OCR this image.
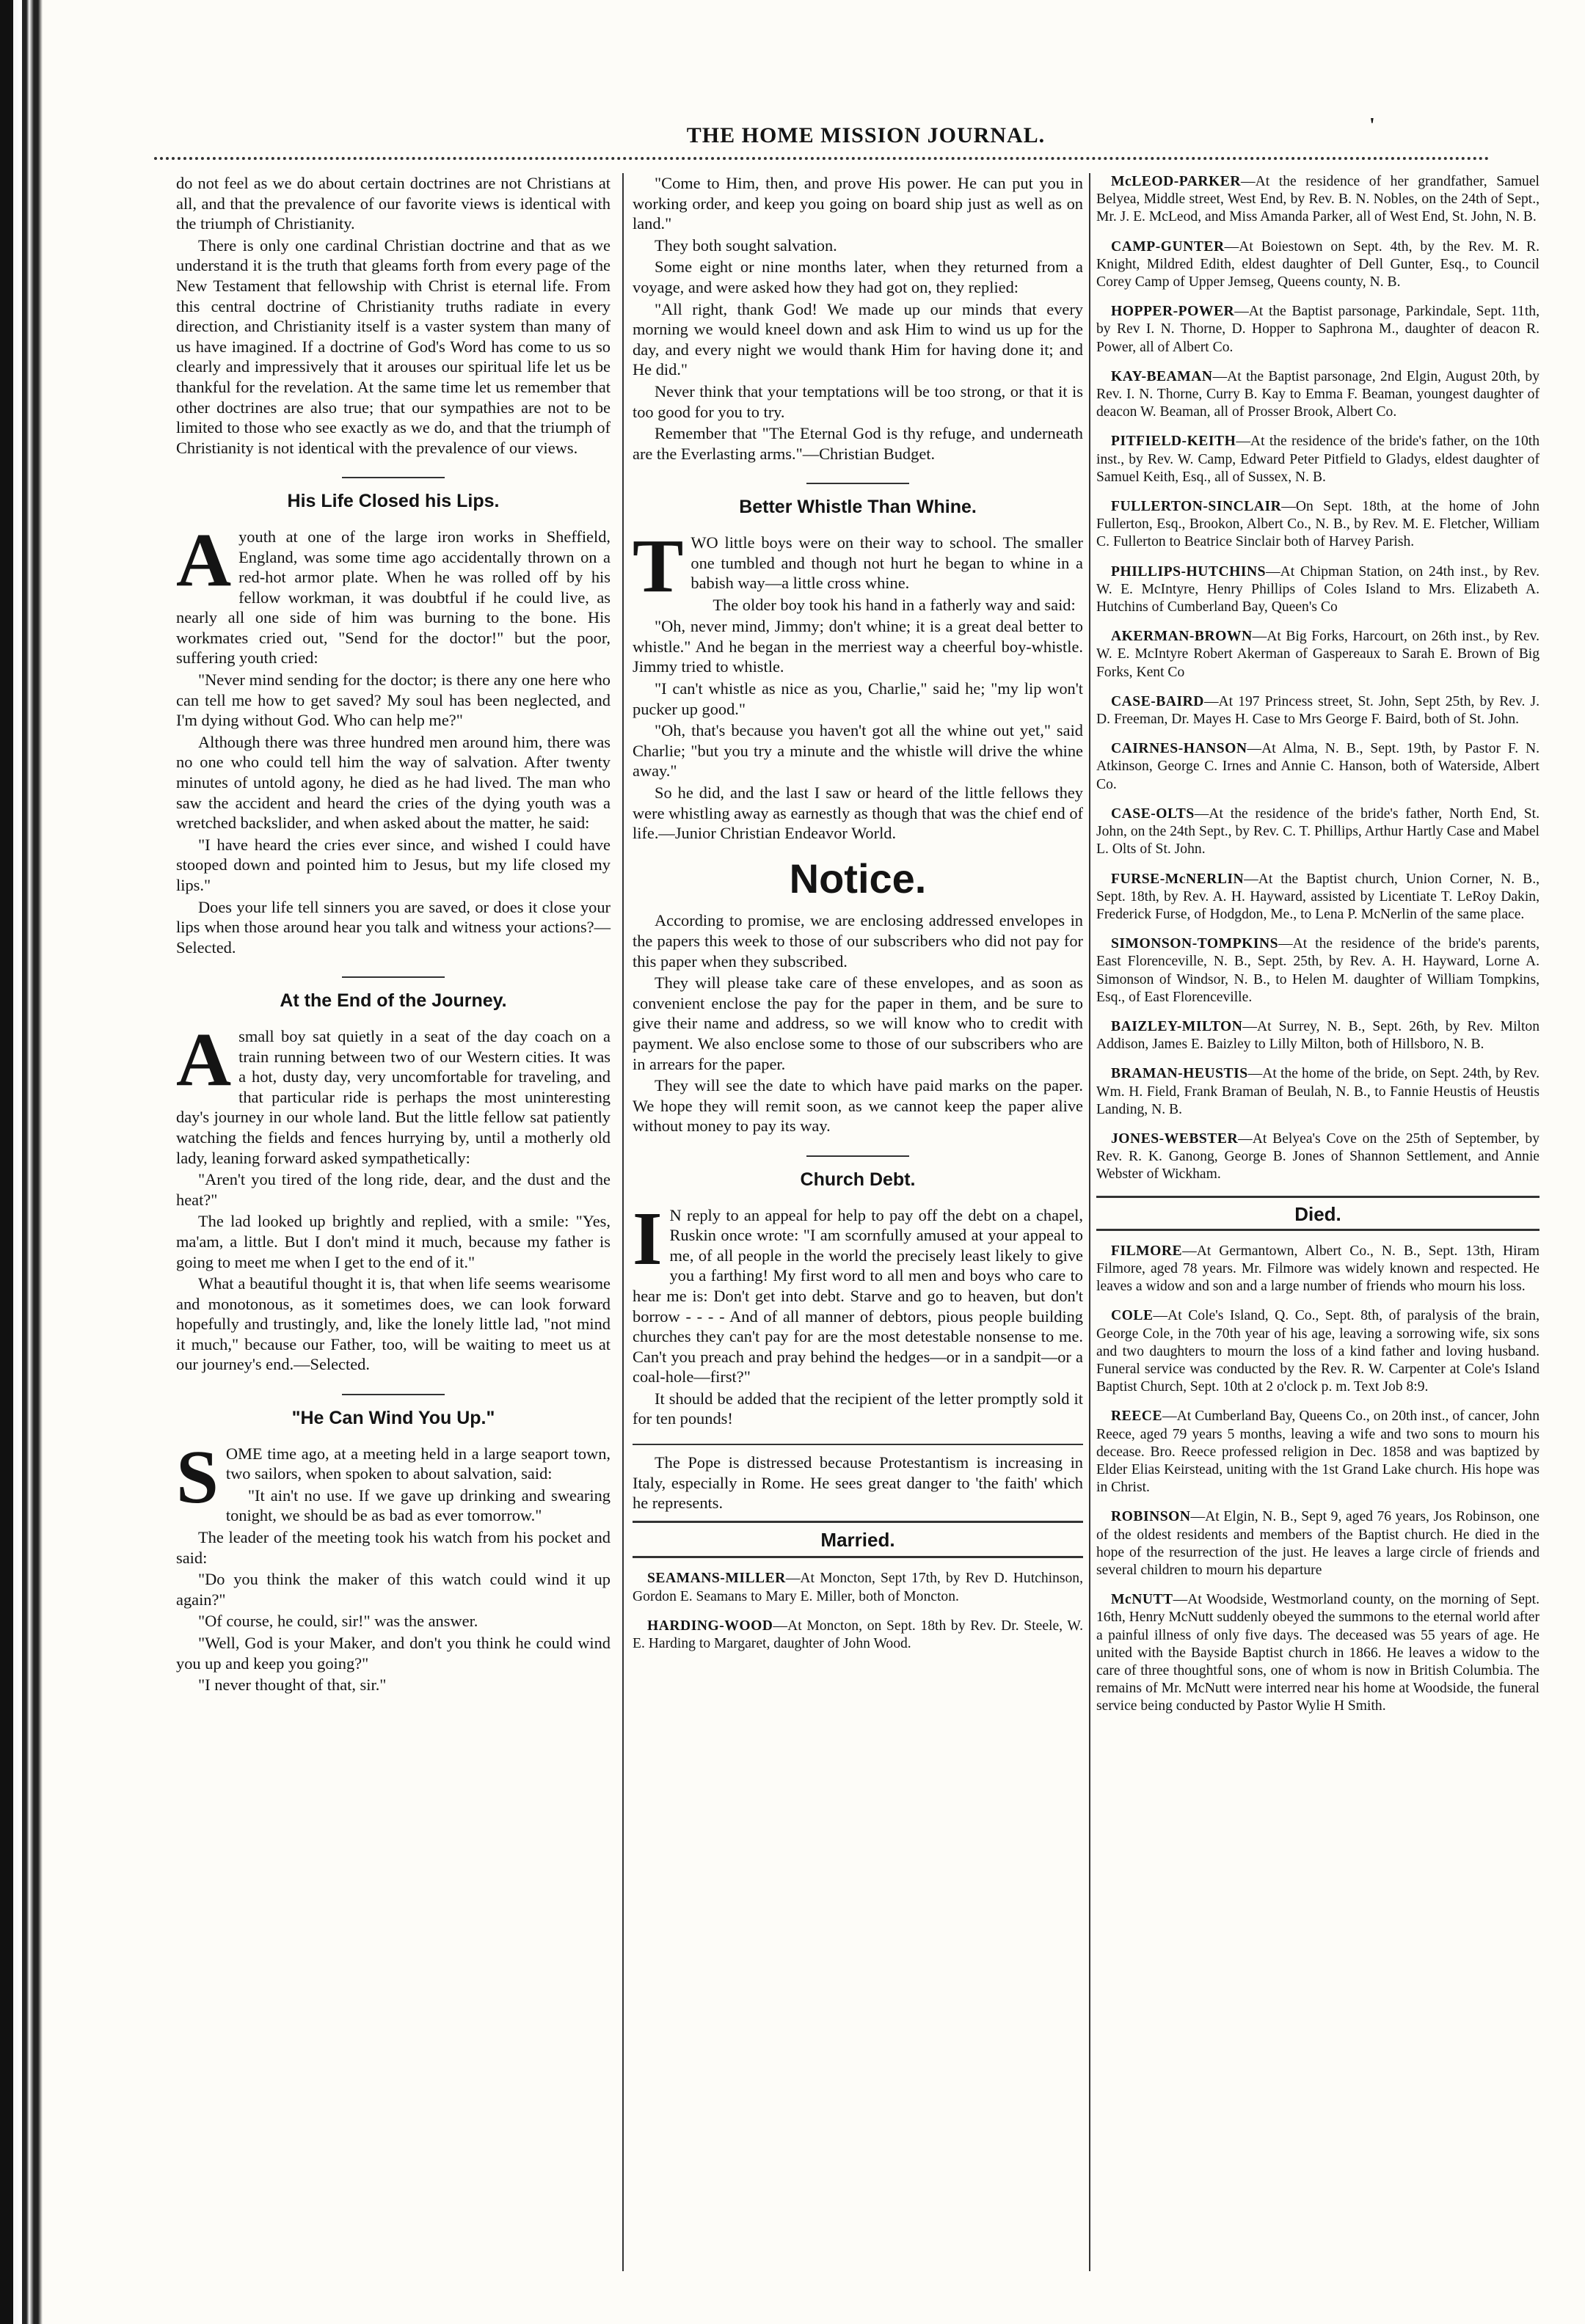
THE HOME MISSION JOURNAL.	'

do not feel as we do about certain doctrines are not Christians at all, and that the prevalence of our favorite views is identical with the triumph of Christianity.

There is only one cardinal Christian doctrine and that as we understand it is the truth that gleams forth from every page of the New Testament that fellowship with Christ is eternal life. From this central doctrine of Christianity truths radiate in every direction, and Christianity itself is a vaster system than many of us have imagined. If a doctrine of God's Word has come to us so clearly and impressively that it arouses our spiritual life let us be thankful for the revelation. At the same time let us remember that other doctrines are also true; that our sympathies are not to be limited to those who see exactly as we do, and that the triumph of Christianity is not identical with the prevalence of our views.

His Life Closed his Lips.
A youth at one of the large iron works in Sheffield, England, was some time ago accidentally thrown on a red-hot armor plate. When he was rolled off by his fellow workman, it was doubtful if he could live, as nearly all one side of him was burning to the bone. His workmates cried out, "Send for the doctor!" but the poor, suffering youth cried:

"Never mind sending for the doctor; is there any one here who can tell me how to get saved? My soul has been neglected, and I'm dying without God. Who can help me?"

Although there was three hundred men around him, there was no one who could tell him the way of salvation. After twenty minutes of untold agony, he died as he had lived. The man who saw the accident and heard the cries of the dying youth was a wretched backslider, and when asked about the matter, he said:

"I have heard the cries ever since, and wished I could have stooped down and pointed him to Jesus, but my life closed my lips."

Does your life tell sinners you are saved, or does it close your lips when those around hear you talk and witness your actions?—Selected.

At the End of the Journey.
A small boy sat quietly in a seat of the day coach on a train running between two of our Western cities. It was a hot, dusty day, very uncomfortable for traveling, and that particular ride is perhaps the most uninteresting day's journey in our whole land. But the little fellow sat patiently watching the fields and fences hurrying by, until a motherly old lady, leaning forward asked sympathetically:

"Aren't you tired of the long ride, dear, and the dust and the heat?"

The lad looked up brightly and replied, with a smile: "Yes, ma'am, a little. But I don't mind it much, because my father is going to meet me when I get to the end of it."

What a beautiful thought it is, that when life seems wearisome and monotonous, as it sometimes does, we can look forward hopefully and trustingly, and, like the lonely little lad, "not mind it much," because our Father, too, will be waiting to meet us at our journey's end.—Selected.

"He Can Wind You Up."
S OME time ago, at a meeting held in a large seaport town, two sailors, when spoken to about salvation, said:

"It ain't no use. If we gave up drinking and swearing tonight, we should be as bad as ever tomorrow."

The leader of the meeting took his watch from his pocket and said:

"Do you think the maker of this watch could wind it up again?"

"Of course, he could, sir!" was the answer.

"Well, God is your Maker, and don't you think he could wind you up and keep you going?"

"I never thought of that, sir."

"Come to Him, then, and prove His power. He can put you in working order, and keep you going on board ship just as well as on land."

They both sought salvation.

Some eight or nine months later, when they returned from a voyage, and were asked how they had got on, they replied:

"All right, thank God! We made up our minds that every morning we would kneel down and ask Him to wind us up for the day, and every night we would thank Him for having done it; and He did."

Never think that your temptations will be too strong, or that it is too good for you to try.

Remember that "The Eternal God is thy refuge, and underneath are the Everlasting arms."—Christian Budget.

Better Whistle Than Whine.
T WO little boys were on their way to school. The smaller one tumbled and though not hurt he began to whine in a babish way—a little cross whine.

The older boy took his hand in a fatherly way and said:

"Oh, never mind, Jimmy; don't whine; it is a great deal better to whistle." And he began in the merriest way a cheerful boy-whistle. Jimmy tried to whistle.

"I can't whistle as nice as you, Charlie," said he; "my lip won't pucker up good."

"Oh, that's because you haven't got all the whine out yet," said Charlie; "but you try a minute and the whistle will drive the whine away."

So he did, and the last I saw or heard of the little fellows they were whistling away as earnestly as though that was the chief end of life.—Junior Christian Endeavor World.

Notice.

According to promise, we are enclosing addressed envelopes in the papers this week to those of our subscribers who did not pay for this paper when they subscribed.

They will please take care of these envelopes, and as soon as convenient enclose the pay for the paper in them, and be sure to give their name and address, so we will know who to credit with payment. We also enclose some to those of our subscribers who are in arrears for the paper.

They will see the date to which have paid marks on the paper. We hope they will remit soon, as we cannot keep the paper alive without money to pay its way.

Church Debt.
I N reply to an appeal for help to pay off the debt on a chapel, Ruskin once wrote: "I am scornfully amused at your appeal to me, of all people in the world the precisely least likely to give you a farthing! My first word to all men and boys who care to hear me is: Don't get into debt. Starve and go to heaven, but don't borrow - - - - And of all manner of debtors, pious people building churches they can't pay for are the most detestable nonsense to me. Can't you preach and pray behind the hedges—or in a sandpit—or a coal-hole—first?"

It should be added that the recipient of the letter promptly sold it for ten pounds!

The Pope is distressed because Protestantism is increasing in Italy, especially in Rome. He sees great danger to 'the faith' which he represents.

Married.

SEAMANS-MILLER—At Moncton, Sept 17th, by Rev D. Hutchinson, Gordon E. Seamans to Mary E. Miller, both of Moncton.

HARDING-WOOD—At Moncton, on Sept. 18th by Rev. Dr. Steele, W. E. Harding to Margaret, daughter of John Wood.

McLEOD-PARKER—At the residence of her grandfather, Samuel Belyea, Middle street, West End, by Rev. B. N. Nobles, on the 24th of Sept., Mr. J. E. McLeod, and Miss Amanda Parker, all of West End, St. John, N. B.

CAMP-GUNTER—At Boiestown on Sept. 4th, by the Rev. M. R. Knight, Mildred Edith, eldest daughter of Dell Gunter, Esq., to Council Corey Camp of Upper Jemseg, Queens county, N. B.

HOPPER-POWER—At the Baptist parsonage, Parkindale, Sept. 11th, by Rev I. N. Thorne, D. Hopper to Saphrona M., daughter of deacon R. Power, all of Albert Co.

KAY-BEAMAN—At the Baptist parsonage, 2nd Elgin, August 20th, by Rev. I. N. Thorne, Curry B. Kay to Emma F. Beaman, youngest daughter of deacon W. Beaman, all of Prosser Brook, Albert Co.

PITFIELD-KEITH—At the residence of the bride's father, on the 10th inst., by Rev. W. Camp, Edward Peter Pitfield to Gladys, eldest daughter of Samuel Keith, Esq., all of Sussex, N. B.

FULLERTON-SINCLAIR—On Sept. 18th, at the home of John Fullerton, Esq., Brookon, Albert Co., N. B., by Rev. M. E. Fletcher, William C. Fullerton to Beatrice Sinclair both of Harvey Parish.

PHILLIPS-HUTCHINS—At Chipman Station, on 24th inst., by Rev. W. E. McIntyre, Henry Phillips of Coles Island to Mrs. Elizabeth A. Hutchins of Cumberland Bay, Queen's Co

AKERMAN-BROWN—At Big Forks, Harcourt, on 26th inst., by Rev. W. E. McIntyre Robert Akerman of Gaspereaux to Sarah E. Brown of Big Forks, Kent Co

CASE-BAIRD—At 197 Princess street, St. John, Sept 25th, by Rev. J. D. Freeman, Dr. Mayes H. Case to Mrs George F. Baird, both of St. John.

CAIRNES-HANSON—At Alma, N. B., Sept. 19th, by Pastor F. N. Atkinson, George C. Irnes and Annie C. Hanson, both of Waterside, Albert Co.

CASE-OLTS—At the residence of the bride's father, North End, St. John, on the 24th Sept., by Rev. C. T. Phillips, Arthur Hartly Case and Mabel L. Olts of St. John.

FURSE-McNERLIN—At the Baptist church, Union Corner, N. B., Sept. 18th, by Rev. A. H. Hayward, assisted by Licentiate T. LeRoy Dakin, Frederick Furse, of Hodgdon, Me., to Lena P. McNerlin of the same place.

SIMONSON-TOMPKINS—At the residence of the bride's parents, East Florenceville, N. B., Sept. 25th, by Rev. A. H. Hayward, Lorne A. Simonson of Windsor, N. B., to Helen M. daughter of William Tompkins, Esq., of East Florenceville.

BAIZLEY-MILTON—At Surrey, N. B., Sept. 26th, by Rev. Milton Addison, James E. Baizley to Lilly Milton, both of Hillsboro, N. B.

BRAMAN-HEUSTIS—At the home of the bride, on Sept. 24th, by Rev. Wm. H. Field, Frank Braman of Beulah, N. B., to Fannie Heustis of Heustis Landing, N. B.

JONES-WEBSTER—At Belyea's Cove on the 25th of September, by Rev. R. K. Ganong, George B. Jones of Shannon Settlement, and Annie Webster of Wickham.

Died.

FILMORE—At Germantown, Albert Co., N. B., Sept. 13th, Hiram Filmore, aged 78 years. Mr. Filmore was widely known and respected. He leaves a widow and son and a large number of friends who mourn his loss.

COLE—At Cole's Island, Q. Co., Sept. 8th, of paralysis of the brain, George Cole, in the 70th year of his age, leaving a sorrowing wife, six sons and two daughters to mourn the loss of a kind father and loving husband. Funeral service was conducted by the Rev. R. W. Carpenter at Cole's Island Baptist Church, Sept. 10th at 2 o'clock p. m. Text Job 8:9.

REECE—At Cumberland Bay, Queens Co., on 20th inst., of cancer, John Reece, aged 79 years 5 months, leaving a wife and two sons to mourn his decease. Bro. Reece professed religion in Dec. 1858 and was baptized by Elder Elias Keirstead, uniting with the 1st Grand Lake church. His hope was in Christ.

ROBINSON—At Elgin, N. B., Sept 9, aged 76 years, Jos Robinson, one of the oldest residents and members of the Baptist church. He died in the hope of the resurrection of the just. He leaves a large circle of friends and several children to mourn his departure

McNUTT—At Woodside, Westmorland county, on the morning of Sept. 16th, Henry McNutt suddenly obeyed the summons to the eternal world after a painful illness of only five days. The deceased was 55 years of age. He united with the Bayside Baptist church in 1866. He leaves a widow to the care of three thoughtful sons, one of whom is now in British Columbia. The remains of Mr. McNutt were interred near his home at Woodside, the funeral service being conducted by Pastor Wylie H Smith.
